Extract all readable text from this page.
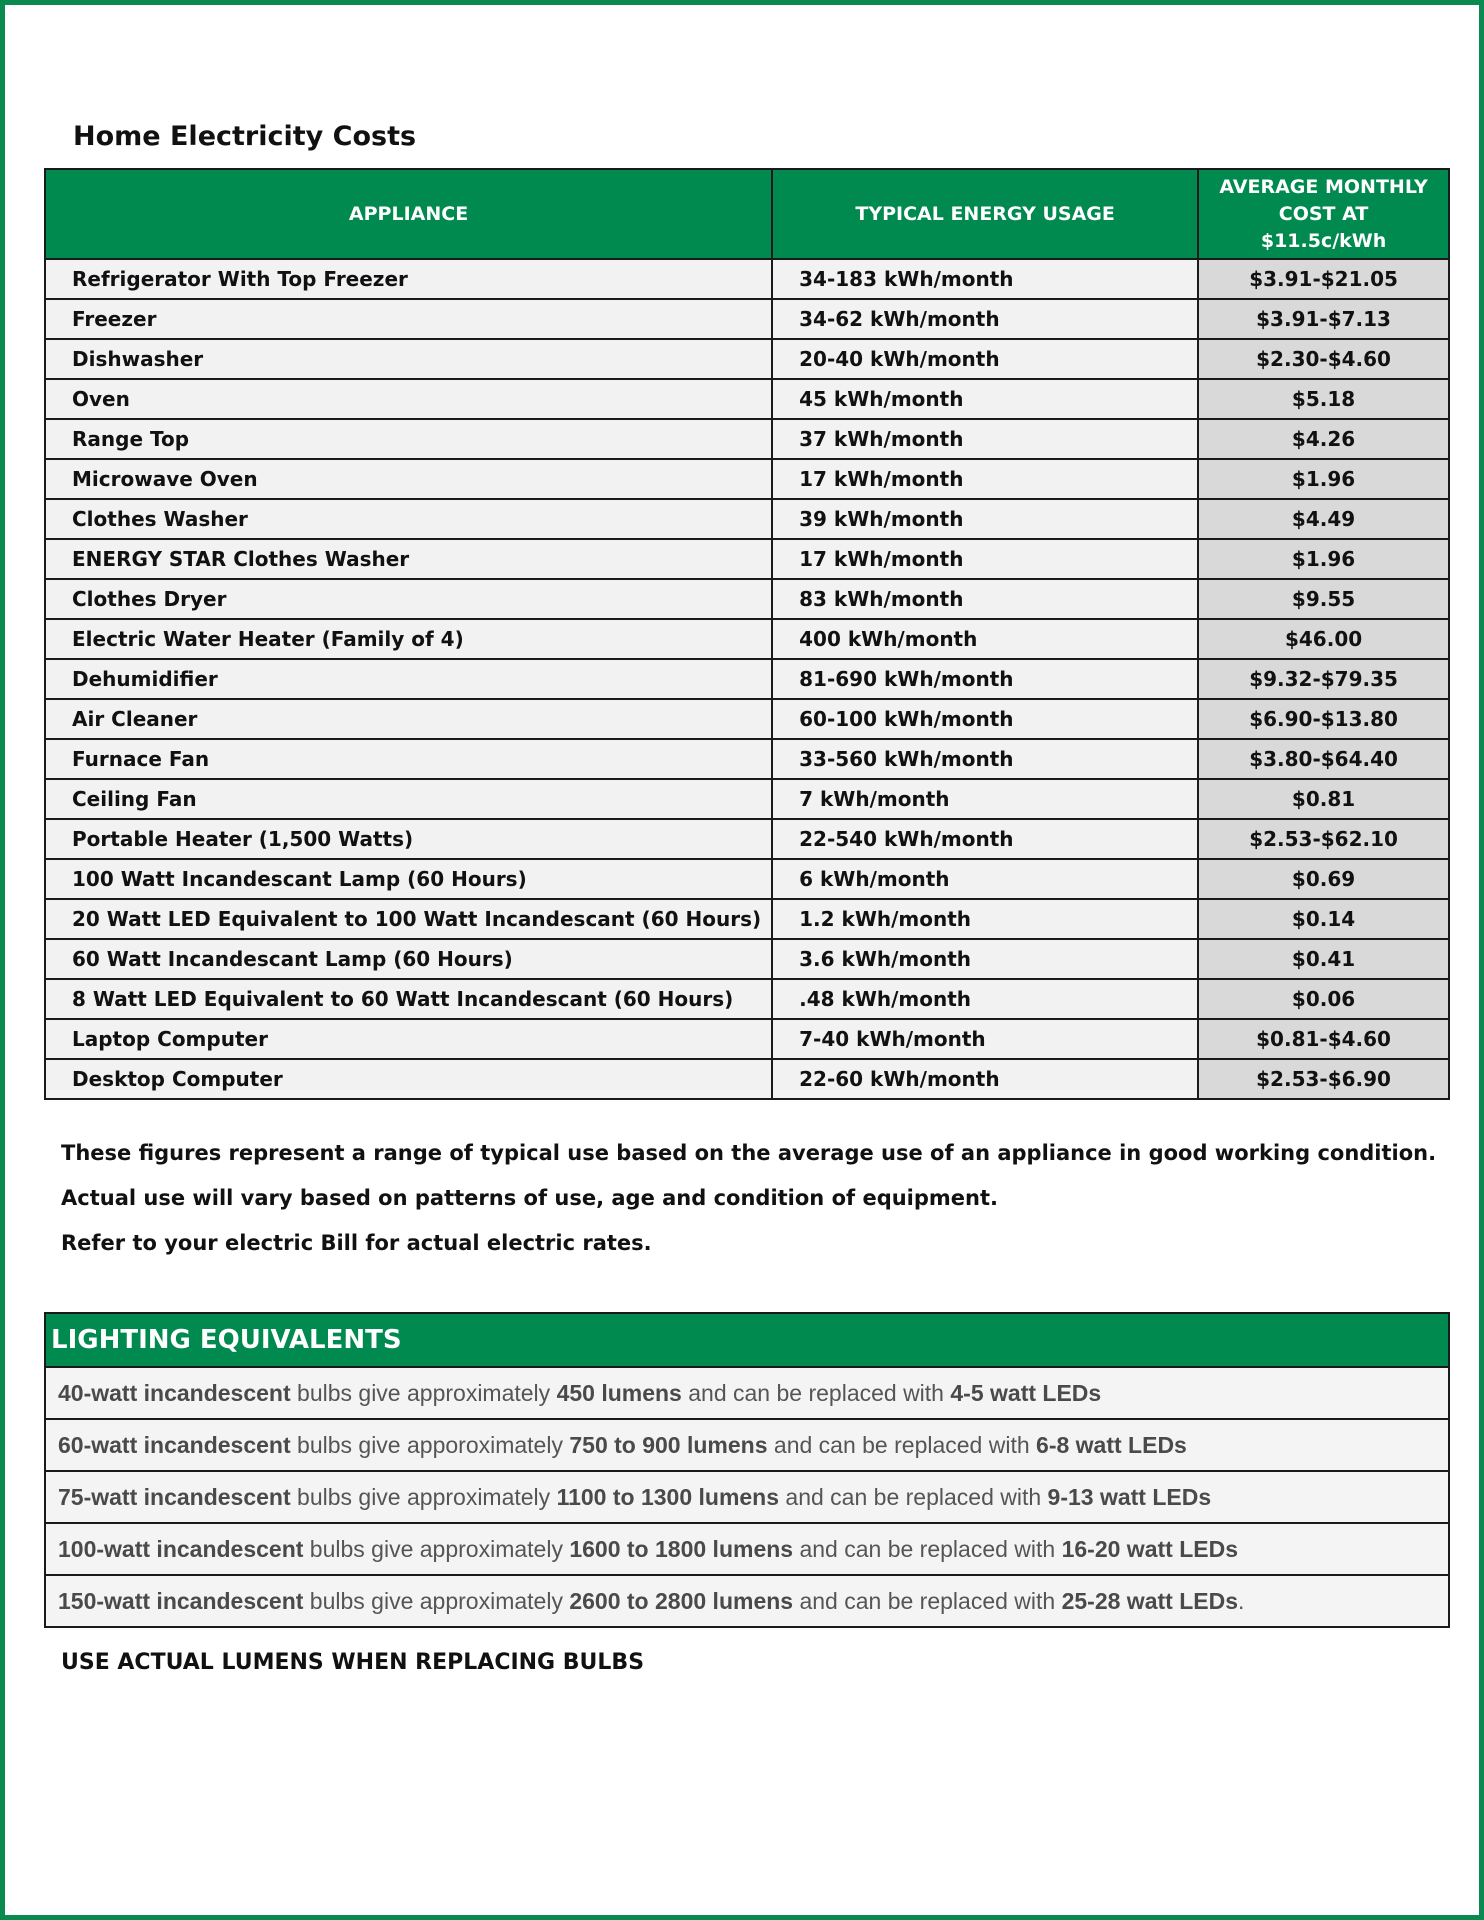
Home Electricity Costs
APPLIANCE	TYPICAL ENERGY USAGE	AVERAGE MONTHLY COST AT
$11.5c/kWh

Refrigerator With Top Freezer	34-183 kWh/month	$3.91-$21.05
Freezer	34-62 kWh/month	$3.91-$7.13
Dishwasher	20-40 kWh/month	$2.30-$4.60
Oven	45 kWh/month	$5.18
Range Top	37 kWh/month	$4.26
Microwave Oven	17 kWh/month	$1.96
Clothes Washer	39 kWh/month	$4.49
ENERGY STAR Clothes Washer	17 kWh/month	$1.96
Clothes Dryer	83 kWh/month	$9.55
Electric Water Heater (Family of 4)	400 kWh/month	$46.00
Dehumidifier	81-690 kWh/month	$9.32-$79.35
Air Cleaner	60-100 kWh/month	$6.90-$13.80
Furnace Fan	33-560 kWh/month	$3.80-$64.40
Ceiling Fan	7 kWh/month	$0.81
Portable Heater (1,500 Watts)	22-540 kWh/month	$2.53-$62.10
100 Watt Incandescant Lamp (60 Hours)	6 kWh/month	$0.69
20 Watt LED Equivalent to 100 Watt Incandescant (60 Hours)	1.2 kWh/month	$0.14
60 Watt Incandescant Lamp (60 Hours)	3.6 kWh/month	$0.41
8 Watt LED Equivalent to 60 Watt Incandescant (60 Hours)	.48 kWh/month	$0.06
Laptop Computer	7-40 kWh/month	$0.81-$4.60
Desktop Computer	22-60 kWh/month	$2.53-$6.90

These figures represent a range of typical use based on the average use of an appliance in good working condition.

Actual use will vary based on patterns of use, age and condition of equipment.

Refer to your electric Bill for actual electric rates.

LIGHTING EQUIVALENTS
40-watt incandescent bulbs give approximately 450 lumens and can be replaced with 4-5 watt LEDs
60-watt incandescent bulbs give apporoximately 750 to 900 lumens and can be replaced with 6-8 watt LEDs
75-watt incandescent bulbs give approximately 1100 to 1300 lumens and can be replaced with 9-13 watt LEDs
100-watt incandescent bulbs give approximately 1600 to 1800 lumens and can be replaced with 16-20 watt LEDs
150-watt incandescent bulbs give approximately 2600 to 2800 lumens and can be replaced with 25-28 watt LEDs.
USE ACTUAL LUMENS WHEN REPLACING BULBS
